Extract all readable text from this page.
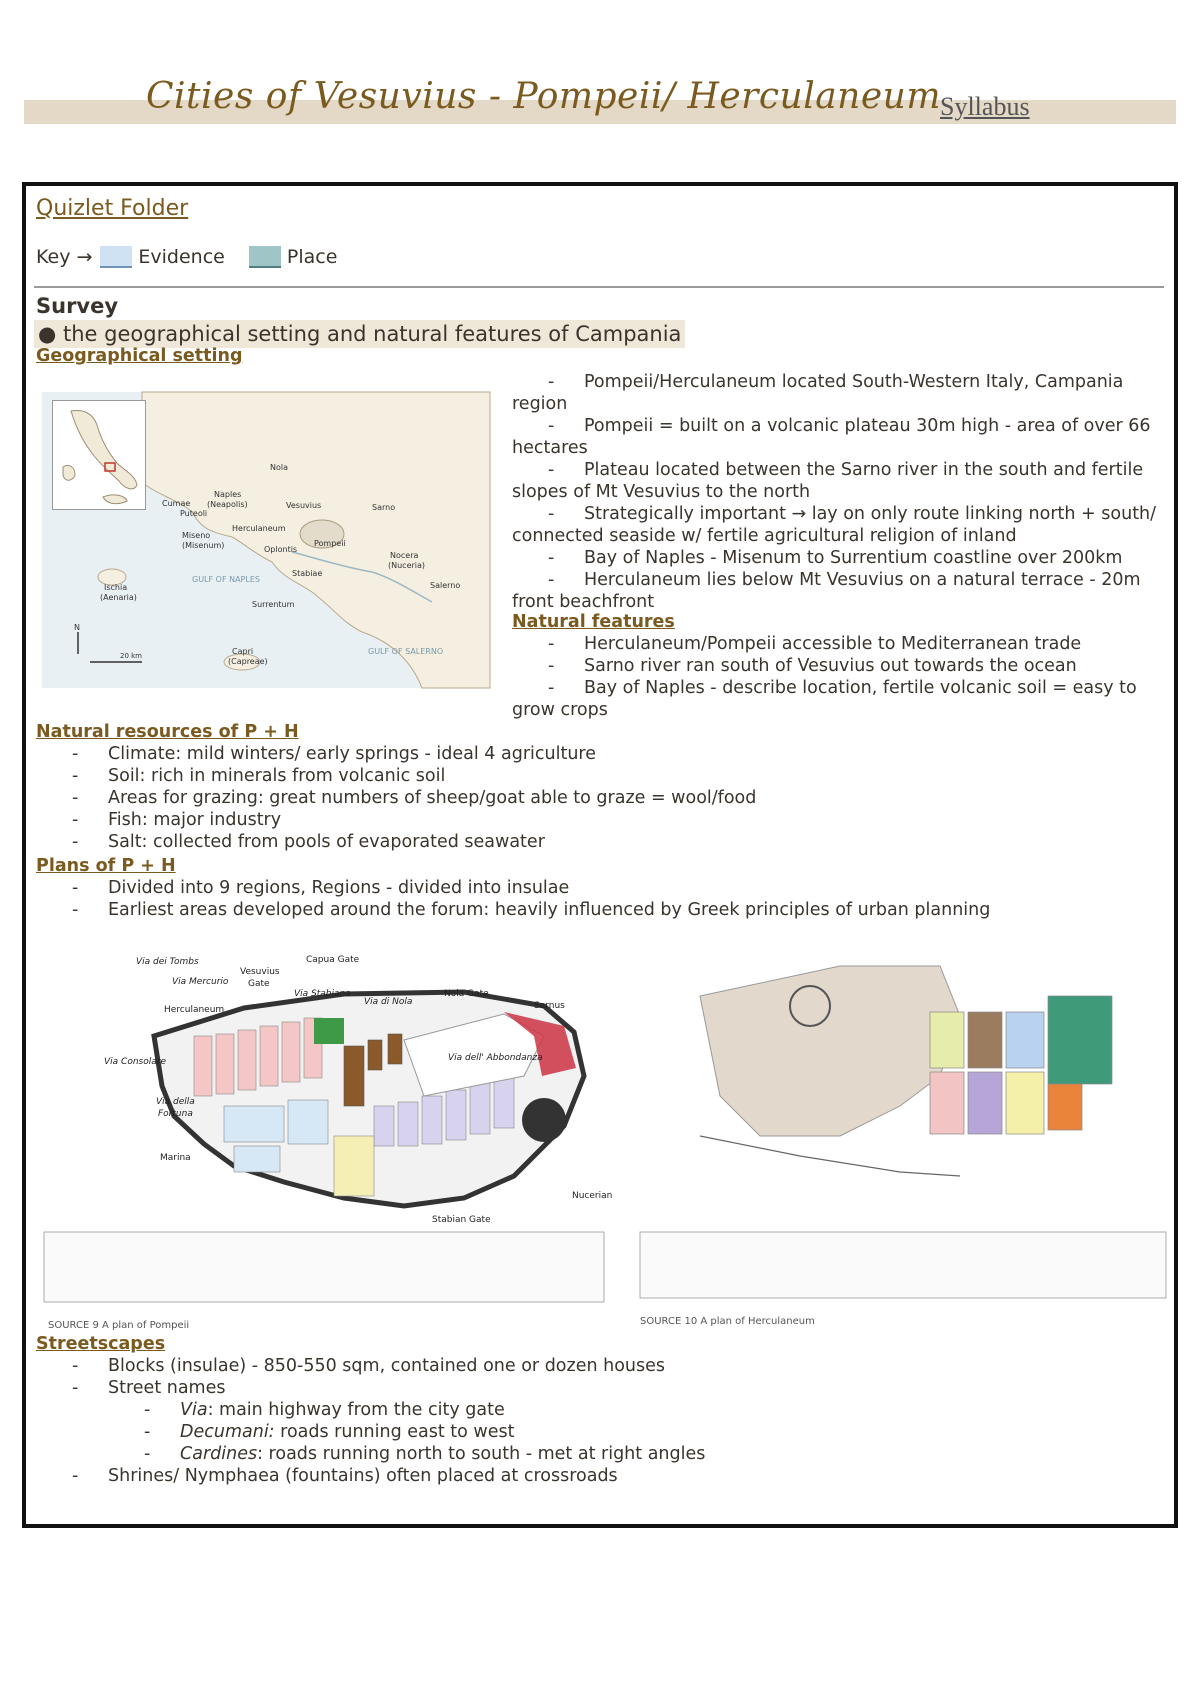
Cities of Vesuvius - Pompeii/ Herculaneum Syllabus
Quizlet Folder
Key → Evidence	Place
Survey
● the geographical setting and natural features of Campania
Geographical setting
Nola
Naples
(Neapolis)
Cumae
Puteoli
Vesuvius	Sarno
Herculaneum
Miseno
(Misenum)	Pompeii
Oplontis
Nocera
(Nuceria)
GULF OF NAPLES
Stabiae
Salerno
Ischia
(Aenaria)
Surrentum
Capri
(Capreae)
GULF OF SALERNO
N
20 km
- Pompeii/Herculaneum located South-Western Italy, Campania
region
- Pompeii = built on a volcanic plateau 30m high - area of over 66
hectares
- Plateau located between the Sarno river in the south and fertile
slopes of Mt Vesuvius to the north
- Strategically important → lay on only route linking north + south/
connected seaside w/ fertile agricultural religion of inland
- Bay of Naples - Misenum to Surrentium coastline over 200km
- Herculaneum lies below Mt Vesuvius on a natural terrace - 20m
front beachfront
Natural features
- Herculaneum/Pompeii accessible to Mediterranean trade
- Sarno river ran south of Vesuvius out towards the ocean
- Bay of Naples - describe location, fertile volcanic soil = easy to
grow crops
Natural resources of P + H
- Climate: mild winters/ early springs - ideal 4 agriculture
- Soil: rich in minerals from volcanic soil
- Areas for grazing: great numbers of sheep/goat able to graze = wool/food
- Fish: major industry
- Salt: collected from pools of evaporated seawater
Plans of P + H
- Divided into 9 regions, Regions - divided into insulae
- Earliest areas developed around the forum: heavily influenced by Greek principles of urban planning
Via dei Tombs	Capua Gate
Vesuvius
Gate
Via Mercurio
Via Stabiana
Via di Nola
Nola Gate
Sarnus
Herculaneum
Via Consolare	Via dell' Abbondanza
Via della
Fortuna
Marina
Stabian Gate
Nucerian
SOURCE 9 A plan of Pompeii	SOURCE 10 A plan of Herculaneum
Streetscapes
- Blocks (insulae) - 850-550 sqm, contained one or dozen houses
- Street names
- Via: main highway from the city gate
- Decumani: roads running east to west
- Cardines: roads running north to south - met at right angles
- Shrines/ Nymphaea (fountains) often placed at crossroads
